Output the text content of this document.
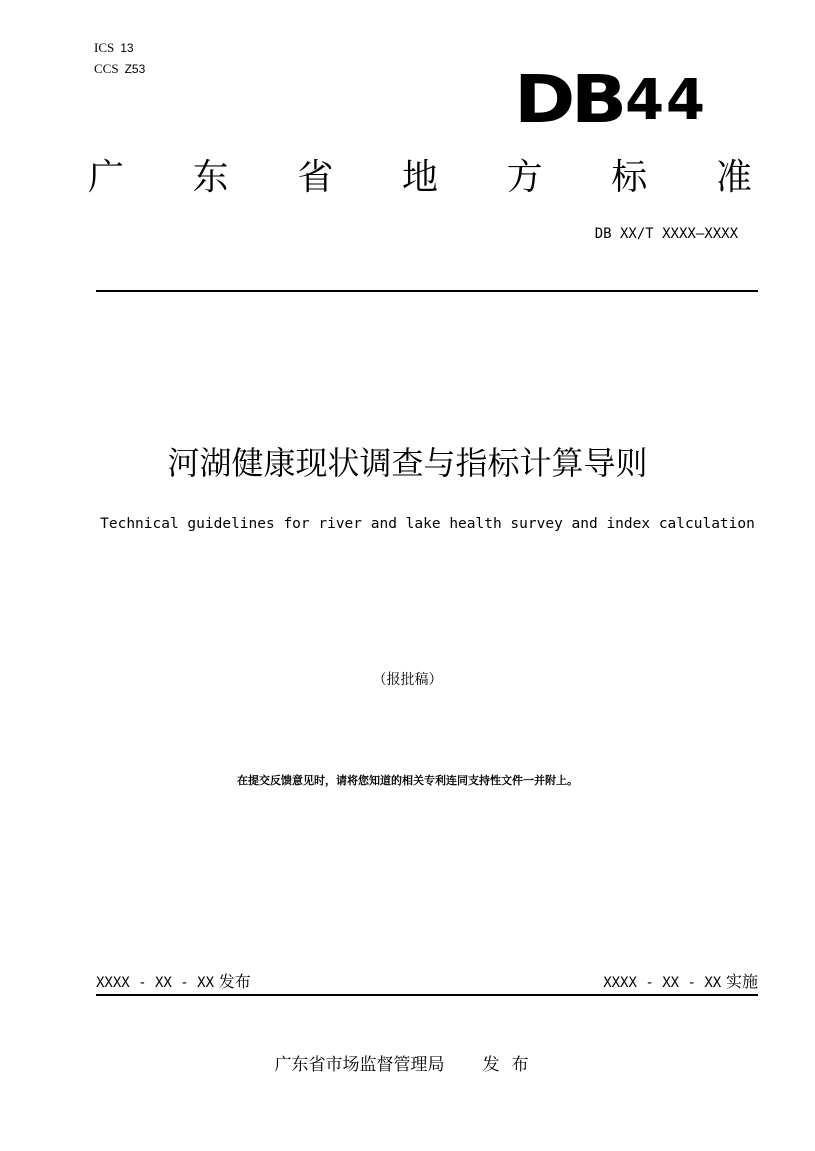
ICS 13
CCS Z53	DB 44
广 东 省 地 方 标 准
DB XX/T XXXX—XXXX
河湖健康现状调查与指标计算导则
Technical guidelines for river and lake health survey and index calculation
（报批稿）
在提交反馈意见时，请将您知道的相关专利连同支持性文件一并附上。
XXXX - XX - XX 发布	XXXX - XX - XX 实施
广东省市场监督管理局 发布
